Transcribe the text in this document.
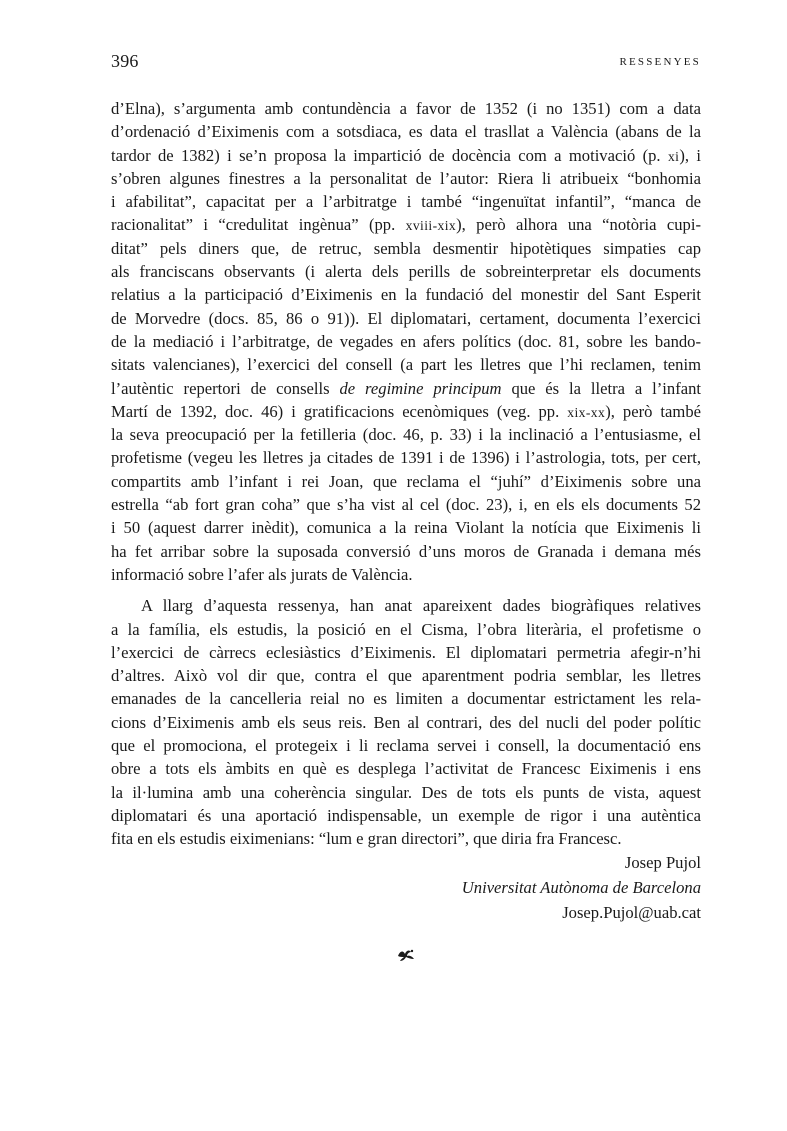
396	RESSENYES
d’Elna), s’argumenta amb contundència a favor de 1352 (i no 1351) com a data
d’ordenació d’Eiximenis com a sotsdiaca, es data el trasllat a València (abans de la
tardor de 1382) i se’n proposa la impartició de docència com a motivació (p. xi), i
s’obren algunes finestres a la personalitat de l’autor: Riera li atribueix “bonhomia
i afabilitat”, capacitat per a l’arbitratge i també “ingenuïtat infantil”, “manca de
racionalitat” i “credulitat ingènua” (pp. xviii-xix), però alhora una “notòria cupi-
ditat” pels diners que, de retruc, sembla desmentir hipotètiques simpaties cap
als franciscans observants (i alerta dels perills de sobreinterpretar els documents
relatius a la participació d’Eiximenis en la fundació del monestir del Sant Esperit
de Morvedre (docs. 85, 86 o 91)). El diplomatari, certament, documenta l’exercici
de la mediació i l’arbitratge, de vegades en afers polítics (doc. 81, sobre les bando-
sitats valencianes), l’exercici del consell (a part les lletres que l’hi reclamen, tenim
l’autèntic repertori de consells de regimine principum que és la lletra a l’infant
Martí de 1392, doc. 46) i gratificacions ecenòmiques (veg. pp. xix-xx), però també
la seva preocupació per la fetilleria (doc. 46, p. 33) i la inclinació a l’entusiasme, el
profetisme (vegeu les lletres ja citades de 1391 i de 1396) i l’astrologia, tots, per cert,
compartits amb l’infant i rei Joan, que reclama el “juhí” d’Eiximenis sobre una
estrella “ab fort gran coha” que s’ha vist al cel (doc. 23), i, en els els documents 52
i 50 (aquest darrer inèdit), comunica a la reina Violant la notícia que Eiximenis li
ha fet arribar sobre la suposada conversió d’uns moros de Granada i demana més
informació sobre l’afer als jurats de València.
A llarg d’aquesta ressenya, han anat apareixent dades biogràfiques relatives
a la família, els estudis, la posició en el Cisma, l’obra literària, el profetisme o
l’exercici de càrrecs eclesiàstics d’Eiximenis. El diplomatari permetria afegir-n’hi
d’altres. Això vol dir que, contra el que aparentment podria semblar, les lletres
emanades de la cancelleria reial no es limiten a documentar estrictament les rela-
cions d’Eiximenis amb els seus reis. Ben al contrari, des del nucli del poder polític
que el promociona, el protegeix i li reclama servei i consell, la documentació ens
obre a tots els àmbits en què es desplega l’activitat de Francesc Eiximenis i ens
la il·lumina amb una coherència singular. Des de tots els punts de vista, aquest
diplomatari és una aportació indispensable, un exemple de rigor i una autèntica
fita en els estudis eiximenians: “lum e gran directori”, que diria fra Francesc.
Josep Pujol
Universitat Autònoma de Barcelona
Josep.Pujol@uab.cat
